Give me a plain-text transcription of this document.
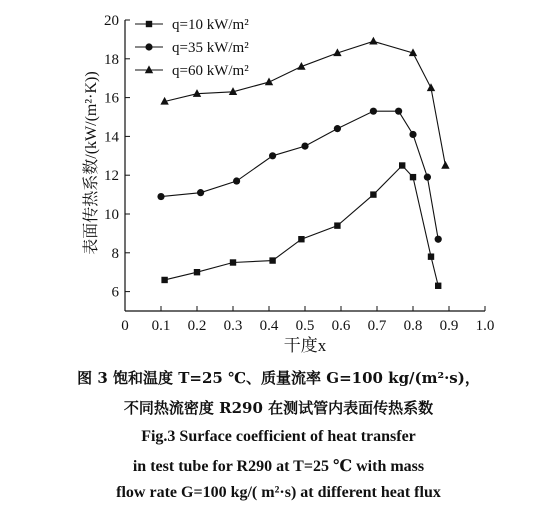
0 0.1 0.2 0.3 0.4 0.5 0.6 0.7 0.8 0.9 1.0
6
8
10
12
14
16
18
20	q=10 kW/m²
q=35 kW/m²
q=60 kW/m²
干度x
表面传热系数/(kW/(m²·K))
图 3 饱和温度 T=25 ℃、质量流率 G=100 kg/(m²·s)，
不同热流密度 R290 在测试管内表面传热系数
Fig.3 Surface coefficient of heat transfer
in test tube for R290 at T=25 ℃ with mass
flow rate G=100 kg/( m²·s) at different heat flux
